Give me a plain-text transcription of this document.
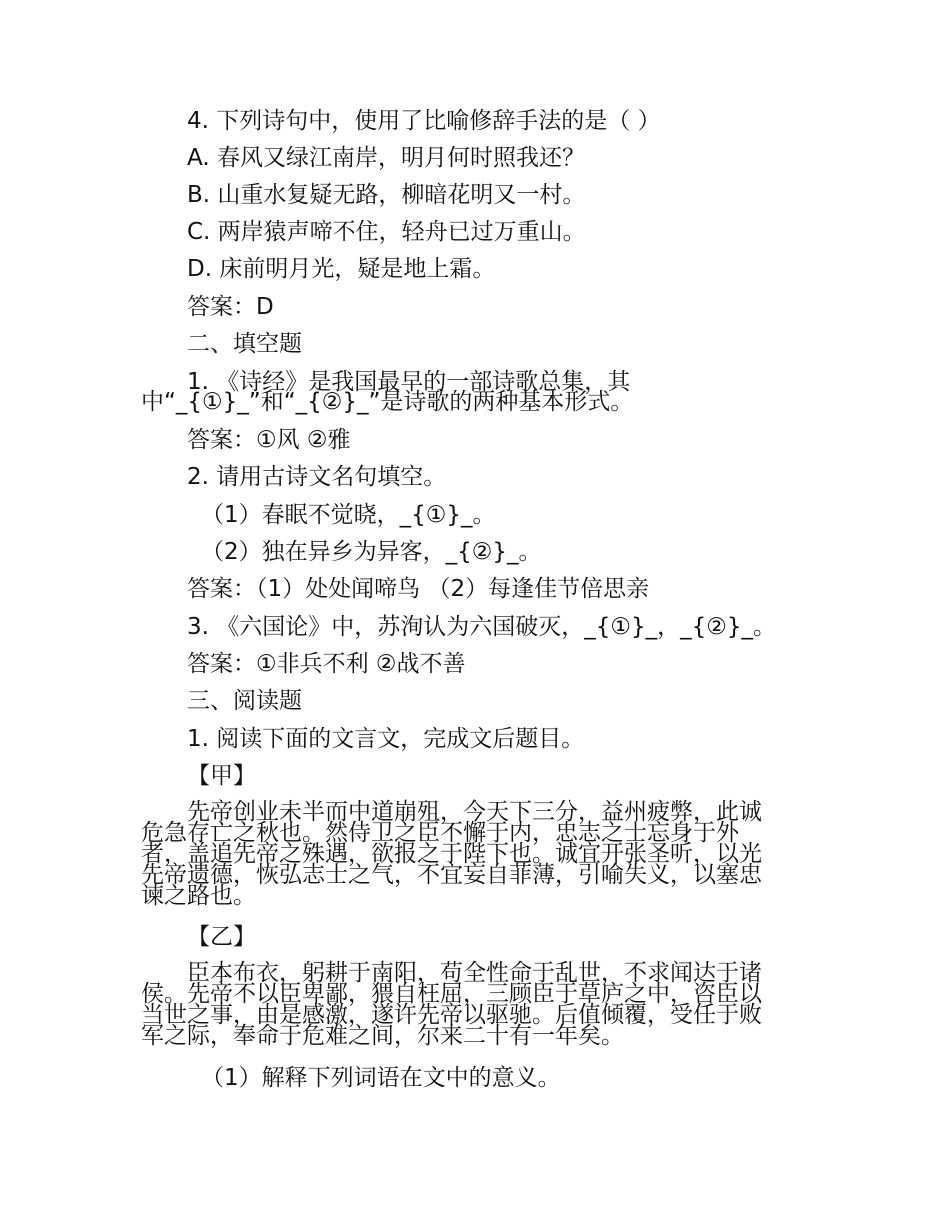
4. 下列诗句中，使用了比喻修辞手法的是（ ）
A. 春风又绿江南岸，明月何时照我还？
B. 山重水复疑无路，柳暗花明又一村。
C. 两岸猿声啼不住，轻舟已过万重山。
D. 床前明月光，疑是地上霜。
答案：D
二、填空题
1. 《诗经》是我国最早的一部诗歌总集，其
中“_{①}_”和“_{②}_”是诗歌的两种基本形式。
答案：①风 ②雅
2. 请用古诗文名句填空。
（1）春眠不觉晓，_{①}_。
（2）独在异乡为异客，_{②}_。
答案：（1）处处闻啼鸟 （2）每逢佳节倍思亲
3. 《六国论》中，苏洵认为六国破灭，_{①}_，_{②}_。
答案：①非兵不利 ②战不善
三、阅读题
1. 阅读下面的文言文，完成文后题目。
【甲】
先帝创业未半而中道崩殂，今天下三分，益州疲弊，此诚
危急存亡之秋也。然侍卫之臣不懈于内，忠志之士忘身于外
者，盖追先帝之殊遇，欲报之于陛下也。诚宜开张圣听，以光
先帝遗德，恢弘志士之气，不宜妄自菲薄，引喻失义，以塞忠
谏之路也。
【乙】
臣本布衣，躬耕于南阳，苟全性命于乱世，不求闻达于诸
侯。先帝不以臣卑鄙，猥自枉屈，三顾臣于草庐之中，咨臣以
当世之事，由是感激，遂许先帝以驱驰。后值倾覆，受任于败
军之际，奉命于危难之间，尔来二十有一年矣。
（1）解释下列词语在文中的意义。
